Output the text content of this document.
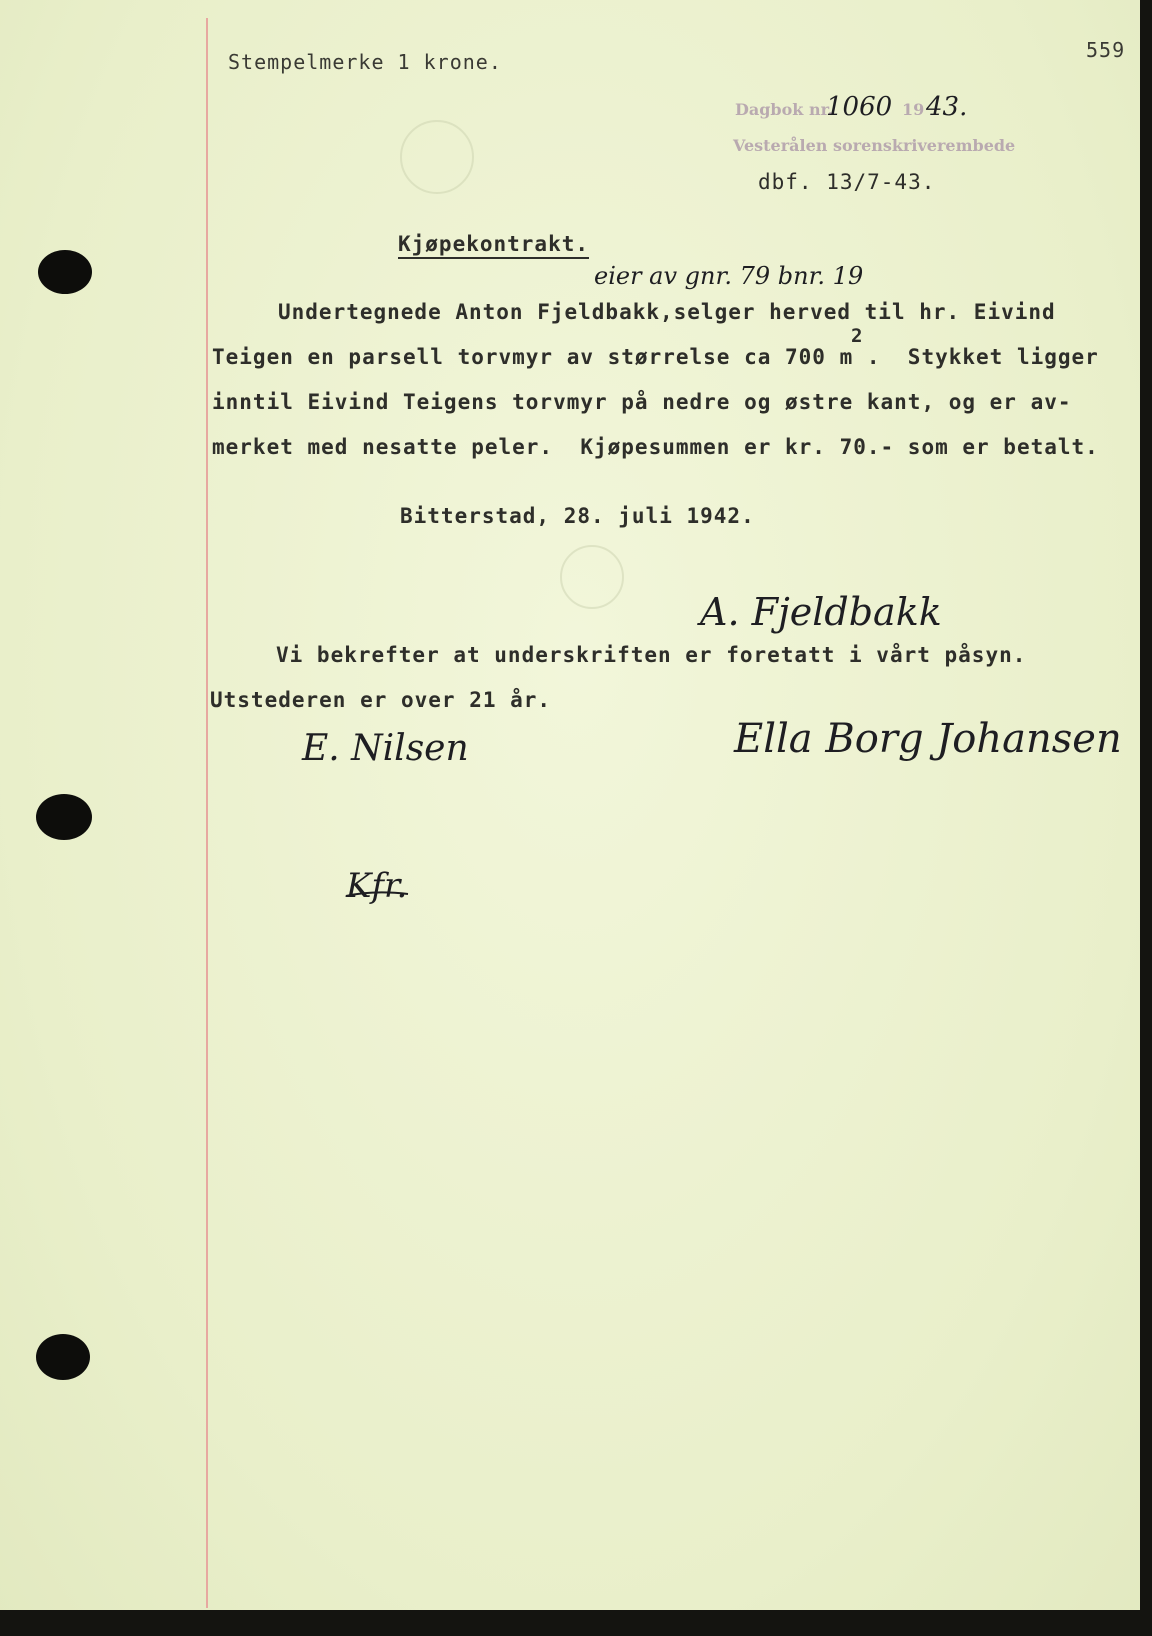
559
Stempelmerke 1 krone.
Dagbok nr.
1060 19 43.
Vesterålen sorenskriverembede
dbf. 13/7-43.
Kjøpekontrakt.
eier av gnr. 79 bnr. 19
Undertegnede Anton Fjeldbakk,selger herved til hr. Eivind
Teigen en parsell torvmyr av størrelse ca 700 m .  Stykket ligger
2
inntil Eivind Teigens torvmyr på nedre og østre kant, og er av-
merket med nesatte peler.  Kjøpesummen er kr. 70.- som er betalt.
Bitterstad, 28. juli 1942.
A. Fjeldbakk
Vi bekrefter at underskriften er foretatt i vårt påsyn.
Utstederen er over 21 år.
E. Nilsen	Ella Borg Johansen
Kfr.
